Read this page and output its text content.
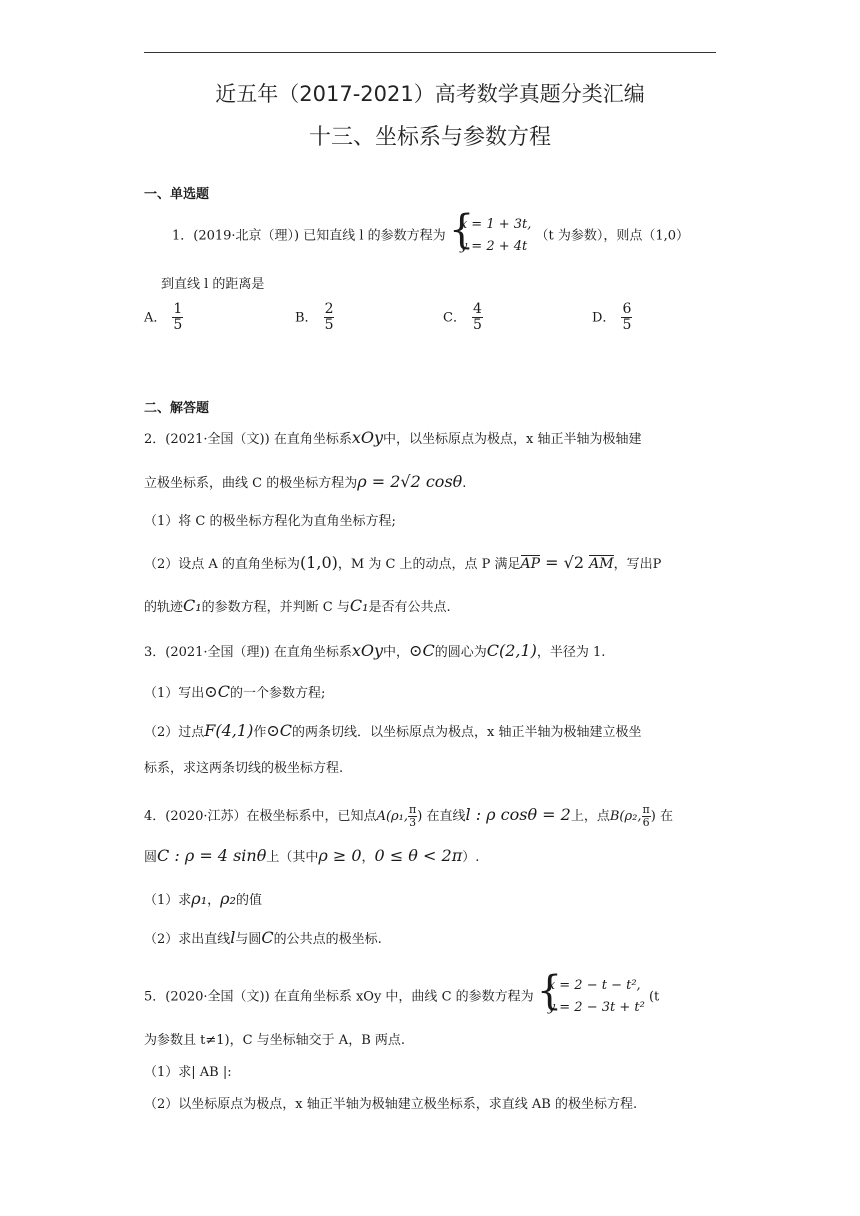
近五年（2017-2021）高考数学真题分类汇编
十三、坐标系与参数方程
一、单选题
1．(2019·北京（理）) 已知直线 l 的参数方程为 {
x = 1 + 3t,
y = 2 + 4t
（t 为参数），则点（1,0）
到直线 l 的距离是
A． $\frac{1}{5}$	B． $\frac{2}{5}$	C． $\frac{4}{5}$	D． $\frac{6}{5}$
二、解答题
2．(2021·全国（文)) 在直角坐标系xOy中，以坐标原点为极点，x 轴正半轴为极轴建
立极坐标系，曲线 C 的极坐标方程为ρ = 2√2 cosθ.
（1）将 C 的极坐标方程化为直角坐标方程;
（2）设点 A 的直角坐标为(1,0)，M 为 C 上的动点，点 P 满足AP = √2 AM，写出P
的轨迹C₁的参数方程，并判断 C 与C₁是否有公共点.
3．(2021·全国（理)) 在直角坐标系xOy中，⊙C的圆心为C(2,1)，半径为 1.
（1）写出⊙C的一个参数方程;
（2）过点F(4,1)作⊙C的两条切线．以坐标原点为极点，x 轴正半轴为极轴建立极坐
标系，求这两条切线的极坐标方程.
4．(2020·江苏）在极坐标系中，已知点A(ρ₁, $\frac{\pi}{3}$ ) 在直线l : ρ cosθ = 2上，点B(ρ₂, $\frac{\pi}{6}$ ) 在
圆C : ρ = 4 sinθ上（其中ρ ≥ 0，0 ≤ θ < 2π）.
（1）求ρ₁，ρ₂的值
（2）求出直线l与圆C的公共点的极坐标.
5．(2020·全国（文)) 在直角坐标系 xOy 中，曲线 C 的参数方程为 {
x = 2 − t − t²,
y = 2 − 3t + t²
(t
为参数且 t≠1)，C 与坐标轴交于 A，B 两点.
（1）求| AB |:
（2）以坐标原点为极点，x 轴正半轴为极轴建立极坐标系，求直线 AB 的极坐标方程.
